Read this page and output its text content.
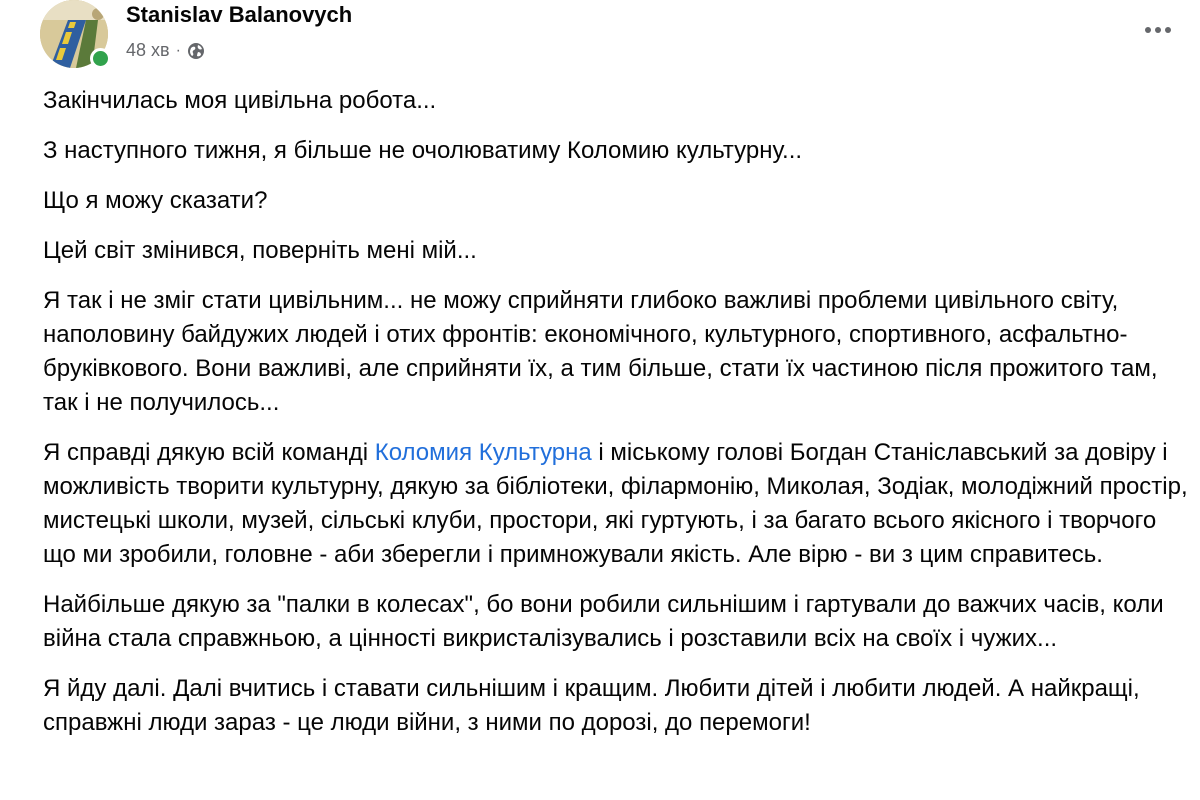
Stanislav Balanovych
48 хв ·

Закінчилась моя цивільна робота...

З наступного тижня, я більше не очолюватиму Коломию культурну...

Що я можу сказати?

Цей світ змінився, поверніть мені мій...

Я так і не зміг стати цивільним... не можу сприйняти глибоко важливі проблеми цивільного світу, наполовину байдужих людей і отих фронтів: економічного, культурного, спортивного, асфальтно-бруківкового. Вони важливі, але сприйняти їх, а тим більше, стати їх частиною після прожитого там, так і не получилось...

Я справді дякую всій команді Коломия Культурна і міському голові Богдан Станіславський за довіру і можливість творити культурну, дякую за бібліотеки, філармонію, Миколая, Зодіак, молодіжний простір, мистецькі школи, музей, сільські клуби, простори, які гуртують, і за багато всього якісного і творчого що ми зробили, головне - аби зберегли і примножували якість. Але вірю - ви з цим справитесь.

Найбільше дякую за "палки в колесах", бо вони робили сильнішим і гартували до важчих часів, коли війна стала справжньою, а цінності викристалізувались і розставили всіх на своїх і чужих...

Я йду далі. Далі вчитись і ставати сильнішим і кращим. Любити дітей і любити людей. А найкращі, справжні люди зараз - це люди війни, з ними по дорозі, до перемоги!
